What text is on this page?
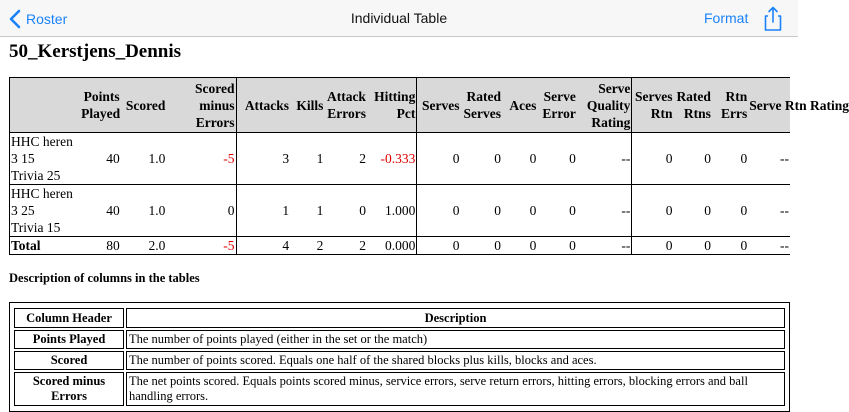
Roster	Individual Table	Format
50_Kerstjens_Dennis
	Points Played	Scored	Scored minus Errors	Attacks	Kills	Attack Errors	Hitting Pct	Serves	Rated Serves	Aces	Serve Error	Serve Quality Rating	Serves Rtn	Rated Rtns	Rtn Errs	Serve Rtn Rating
HHC heren
3 15
Trivia 25	40	1.0	-5	3	1	2	-0.333	0	0	0	0	--	0	0	0	--
HHC heren
3 25
Trivia 15	40	1.0	0	1	1	0	1.000	0	0	0	0	--	0	0	0	--
Total	80	2.0	-5	4	2	2	0.000	0	0	0	0	--	0	0	0	--
Description of columns in the tables
Column Header	Description
Points Played	The number of points played (either in the set or the match)
Scored	The number of points scored. Equals one half of the shared blocks plus kills, blocks and aces.
Scored minus Errors	The net points scored. Equals points scored minus, service errors, serve return errors, hitting errors, blocking errors and ball handling errors.
